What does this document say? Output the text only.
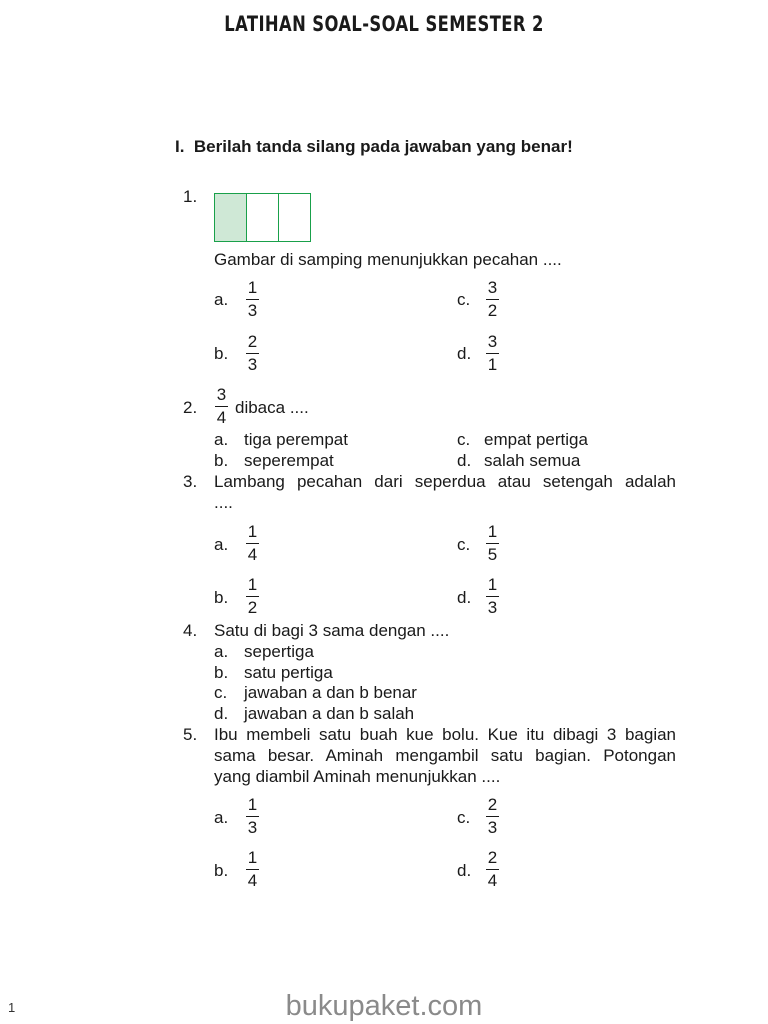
LATIHAN SOAL-SOAL SEMESTER 2
I. Berilah tanda silang pada jawaban yang benar!
1.
Gambar di samping menunjukkan pecahan ....
a.
1
3
b.
2
3
c.
3
2
d.
3
1
2.
3
4
dibaca ....
a. tiga perempat
b. seperempat
c. empat pertiga
d. salah semua
3. Lambang pecahan dari seperdua atau setengah adalah
....
a.
1
4
b.
1
2
c.
1
5
d.
1
3
4. Satu di bagi 3 sama dengan ....
a. sepertiga
b. satu pertiga
c. jawaban a dan b benar
d. jawaban a dan b salah
5. Ibu membeli satu buah kue bolu. Kue itu dibagi 3 bagian
sama besar. Aminah mengambil satu bagian. Potongan
yang diambil Aminah menunjukkan ....
a.
1
3
b.
1
4
c.
2
3
d.
2
4
1	bukupaket.com
